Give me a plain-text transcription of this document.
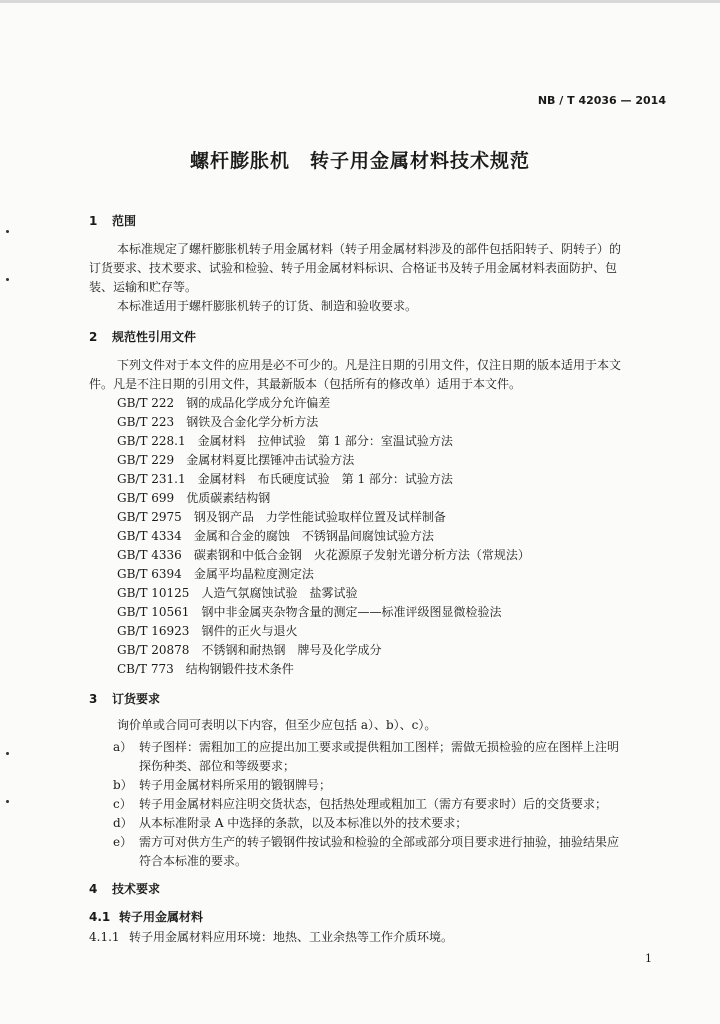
NB / T 42036 — 2014
螺杆膨胀机　转子用金属材料技术规范
1 范围
本标准规定了螺杆膨胀机转子用金属材料（转子用金属材料涉及的部件包括阳转子、阴转子）的
订货要求、技术要求、试验和检验、转子用金属材料标识、合格证书及转子用金属材料表面防护、包
装、运输和贮存等。
本标准适用于螺杆膨胀机转子的订货、制造和验收要求。
2 规范性引用文件
下列文件对于本文件的应用是必不可少的。凡是注日期的引用文件，仅注日期的版本适用于本文
件。凡是不注日期的引用文件，其最新版本（包括所有的修改单）适用于本文件。
GB/T 222　 钢的成品化学成分允许偏差
GB/T 223　 钢铁及合金化学分析方法
GB/T 228.1　 金属材料　拉伸试验　第 1 部分：室温试验方法
GB/T 229　 金属材料夏比摆锤冲击试验方法
GB/T 231.1　 金属材料　布氏硬度试验　第 1 部分：试验方法
GB/T 699　 优质碳素结构钢
GB/T 2975　 钢及钢产品　力学性能试验取样位置及试样制备
GB/T 4334　 金属和合金的腐蚀　不锈钢晶间腐蚀试验方法
GB/T 4336　 碳素钢和中低合金钢　火花源原子发射光谱分析方法（常规法）
GB/T 6394　 金属平均晶粒度测定法
GB/T 10125　 人造气氛腐蚀试验　盐雾试验
GB/T 10561　 钢中非金属夹杂物含量的测定——标准评级图显微检验法
GB/T 16923　 钢件的正火与退火
GB/T 20878　 不锈钢和耐热钢　牌号及化学成分
CB/T 773　 结构钢锻件技术条件
3 订货要求
询价单或合同可表明以下内容，但至少应包括 a）、b）、c）。
a） 转子图样：需粗加工的应提出加工要求或提供粗加工图样；需做无损检验的应在图样上注明
探伤种类、部位和等级要求；
b） 转子用金属材料所采用的锻钢牌号；
c） 转子用金属材料应注明交货状态，包括热处理或粗加工（需方有要求时）后的交货要求；
d） 从本标准附录 A 中选择的条款，以及本标准以外的技术要求；
e） 需方可对供方生产的转子锻钢件按试验和检验的全部或部分项目要求进行抽验，抽验结果应
符合本标准的要求。
4 技术要求
4.1 转子用金属材料
4.1.1 转子用金属材料应用环境：地热、工业余热等工作介质环境。
1
